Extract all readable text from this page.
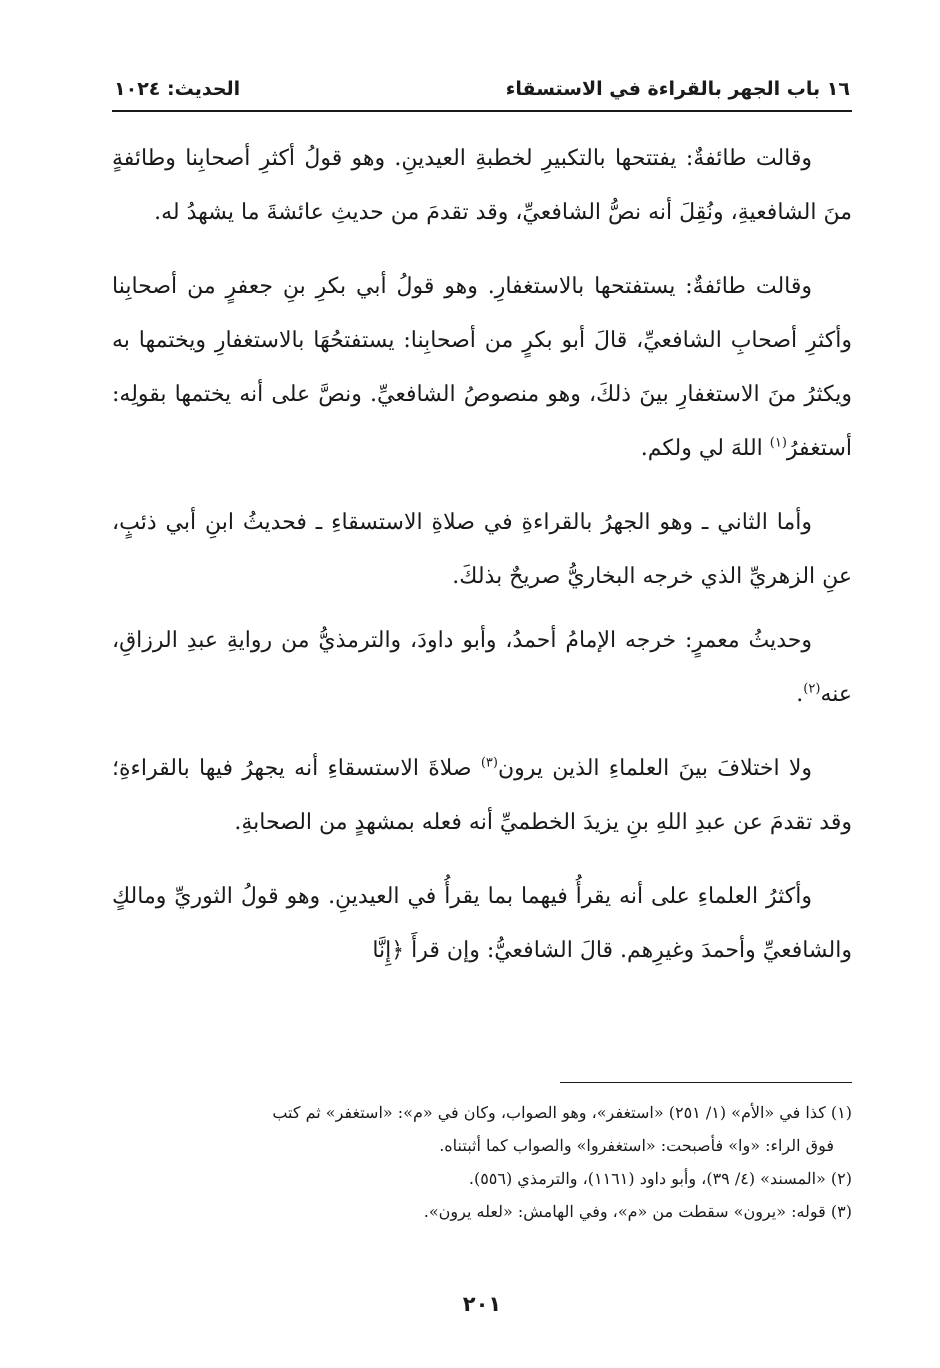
١٦ باب الجهر بالقراءة في الاستسقاء
الحديث: ١٠٢٤

وقالت طائفةٌ: يفتتحها بالتكبيرِ لخطبةِ العيدينِ. وهو قولُ أكثرِ أصحابِنا وطائفةٍ منَ الشافعيةِ، ونُقِلَ أنه نصُّ الشافعيِّ، وقد تقدمَ من حديثِ عائشةَ ما يشهدُ له.

وقالت طائفةٌ: يستفتحها بالاستغفارِ. وهو قولُ أبي بكرِ بنِ جعفرٍ من أصحابِنا وأكثرِ أصحابِ الشافعيِّ، قالَ أبو بكرٍ من أصحابِنا: يستفتحُهَا بالاستغفارِ ويختمها به ويكثرُ منَ الاستغفارِ بينَ ذلكَ، وهو منصوصُ الشافعيِّ. ونصَّ على أنه يختمها بقولِه: أستغفرُ$^{(١)}$ اللهَ لي ولكم.

وأما الثاني ـ وهو الجهرُ بالقراءةِ في صلاةِ الاستسقاءِ ـ فحديثُ ابنِ أبي ذئبٍ، عنِ الزهريِّ الذي خرجه البخاريُّ صريحٌ بذلكَ.

وحديثُ معمرٍ: خرجه الإمامُ أحمدُ، وأبو داودَ، والترمذيُّ من روايةِ عبدِ الرزاقِ، عنه$^{(٢)}$.

ولا اختلافَ بينَ العلماءِ الذين يرون$^{(٣)}$ صلاةَ الاستسقاءِ أنه يجهرُ فيها بالقراءةِ؛ وقد تقدمَ عن عبدِ اللهِ بنِ يزيدَ الخطميِّ أنه فعله بمشهدٍ من الصحابةِ.

وأكثرُ العلماءِ على أنه يقرأُ فيهما بما يقرأُ في العيدينِ. وهو قولُ الثوريِّ ومالكٍ والشافعيِّ وأحمدَ وغيرِهم. قالَ الشافعيُّ: وإن قرأَ ﴿إِنَّا

(١) كذا في «الأم» (١/ ٢٥١) «استغفر»، وهو الصواب، وكان في «م»: «استغفر» ثم كتب

فوق الراء: «وا» فأصبحت: «استغفروا» والصواب كما أثبتناه.

(٢) «المسند» (٤/ ٣٩)، وأبو داود (١١٦١)، والترمذي (٥٥٦).

(٣) قوله: «يرون» سقطت من «م»، وفي الهامش: «لعله يرون».

٢٠١
